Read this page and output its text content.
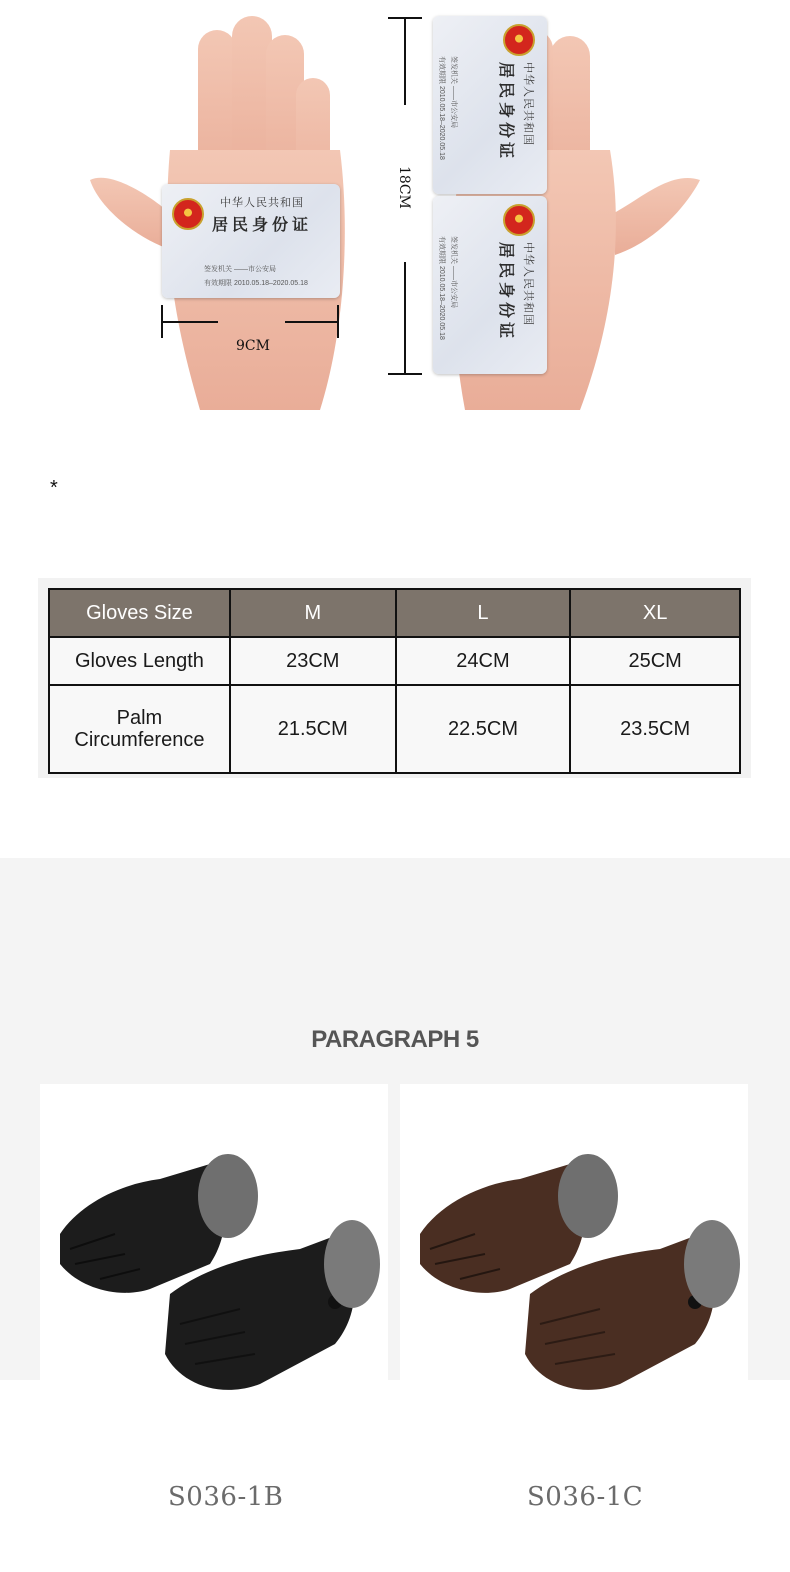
中华人民共和国
居民身份证
签发机关 ——市公安局
有效期限 2010.05.18–2020.05.18
中华人民共和国
居民身份证
签发机关 ——市公安局
有效期限 2010.05.18–2020.05.18
中华人民共和国
居民身份证
签发机关 ——市公安局
有效期限 2010.05.18–2020.05.18
9CM
18CM
*
Gloves Size	M	L	XL
Gloves Length	23CM	24CM	25CM
Palm Circumference	21.5CM	22.5CM	23.5CM
PARAGRAPH 5
S036-1B	S036-1C
